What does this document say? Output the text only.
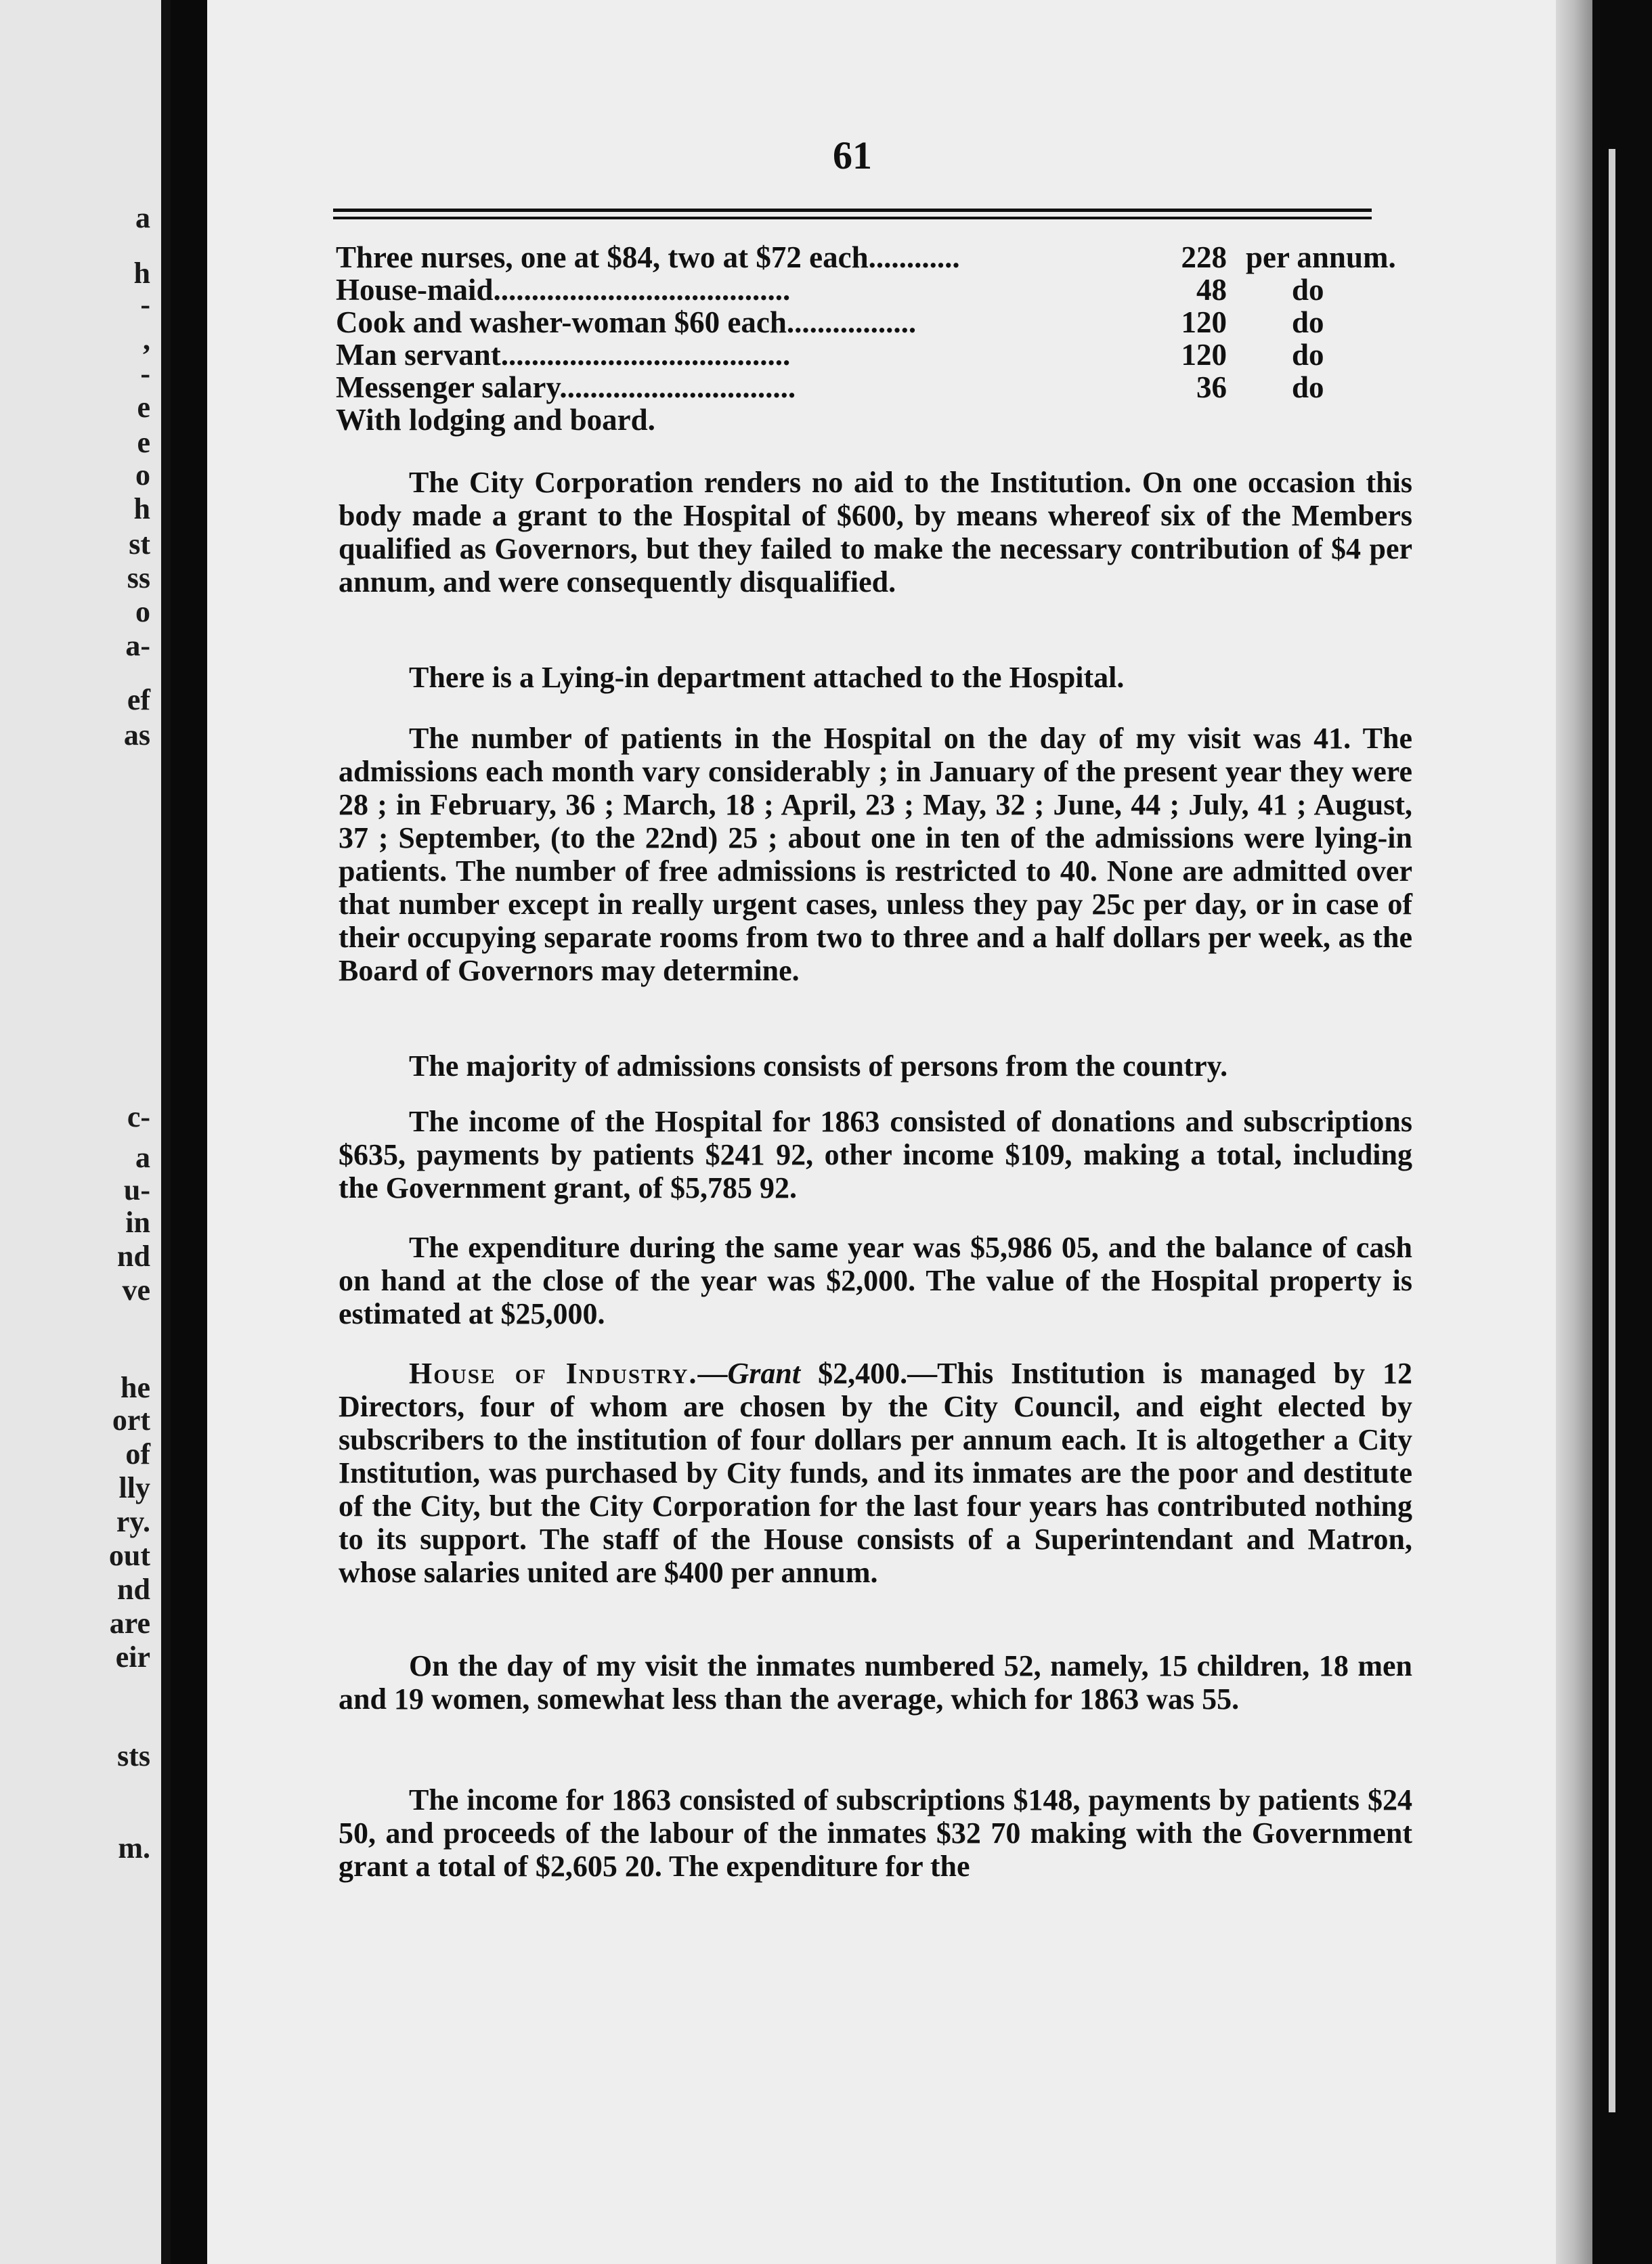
a
h
-
,
-
e
e
o
h
st
ss
o
a-
ef
as
c-
a
u-
in
nd
ve
he
ort
of
lly
ry.
out
nd
are
eir
sts
m.
61
Three nurses, one at $84, two at $72 each............	228 per annum.
House-maid.......................................	48 do
Cook and washer-woman $60 each.................	120 do
Man servant......................................	120 do
Messenger salary...............................	36 do
With lodging and board.

The City Corporation renders no aid to the Institution. On one occasion this body made a grant to the Hospital of $600, by means whereof six of the Members qualified as Governors, but they failed to make the necessary contribution of $4 per annum, and were consequently disqualified.

There is a Lying-in department attached to the Hospital.

The number of patients in the Hospital on the day of my visit was 41. The admissions each month vary considerably ; in January of the present year they were 28 ; in February, 36 ; March, 18 ; April, 23 ; May, 32 ; June, 44 ; July, 41 ; August, 37 ; September, (to the 22nd) 25 ; about one in ten of the admissions were lying-in patients. The number of free admissions is restricted to 40. None are admitted over that number except in really urgent cases, unless they pay 25c per day, or in case of their occupying separate rooms from two to three and a half dollars per week, as the Board of Governors may determine.

The majority of admissions consists of persons from the country.

The income of the Hospital for 1863 consisted of donations and subscriptions $635, payments by patients $241 92, other income $109, making a total, including the Government grant, of $5,785 92.

The expenditure during the same year was $5,986 05, and the balance of cash on hand at the close of the year was $2,000. The value of the Hospital property is estimated at $25,000.

House of Industry.—Grant $2,400.—This Institution is managed by 12 Directors, four of whom are chosen by the City Council, and eight elected by subscribers to the institution of four dollars per annum each. It is altogether a City Institution, was purchased by City funds, and its inmates are the poor and destitute of the City, but the City Corporation for the last four years has contributed nothing to its support. The staff of the House consists of a Superintendant and Matron, whose salaries united are $400 per annum.

On the day of my visit the inmates numbered 52, namely, 15 children, 18 men and 19 women, somewhat less than the average, which for 1863 was 55.

The income for 1863 consisted of subscriptions $148, payments by patients $24 50, and proceeds of the labour of the inmates $32 70 making with the Government grant a total of $2,605 20. The expenditure for the
